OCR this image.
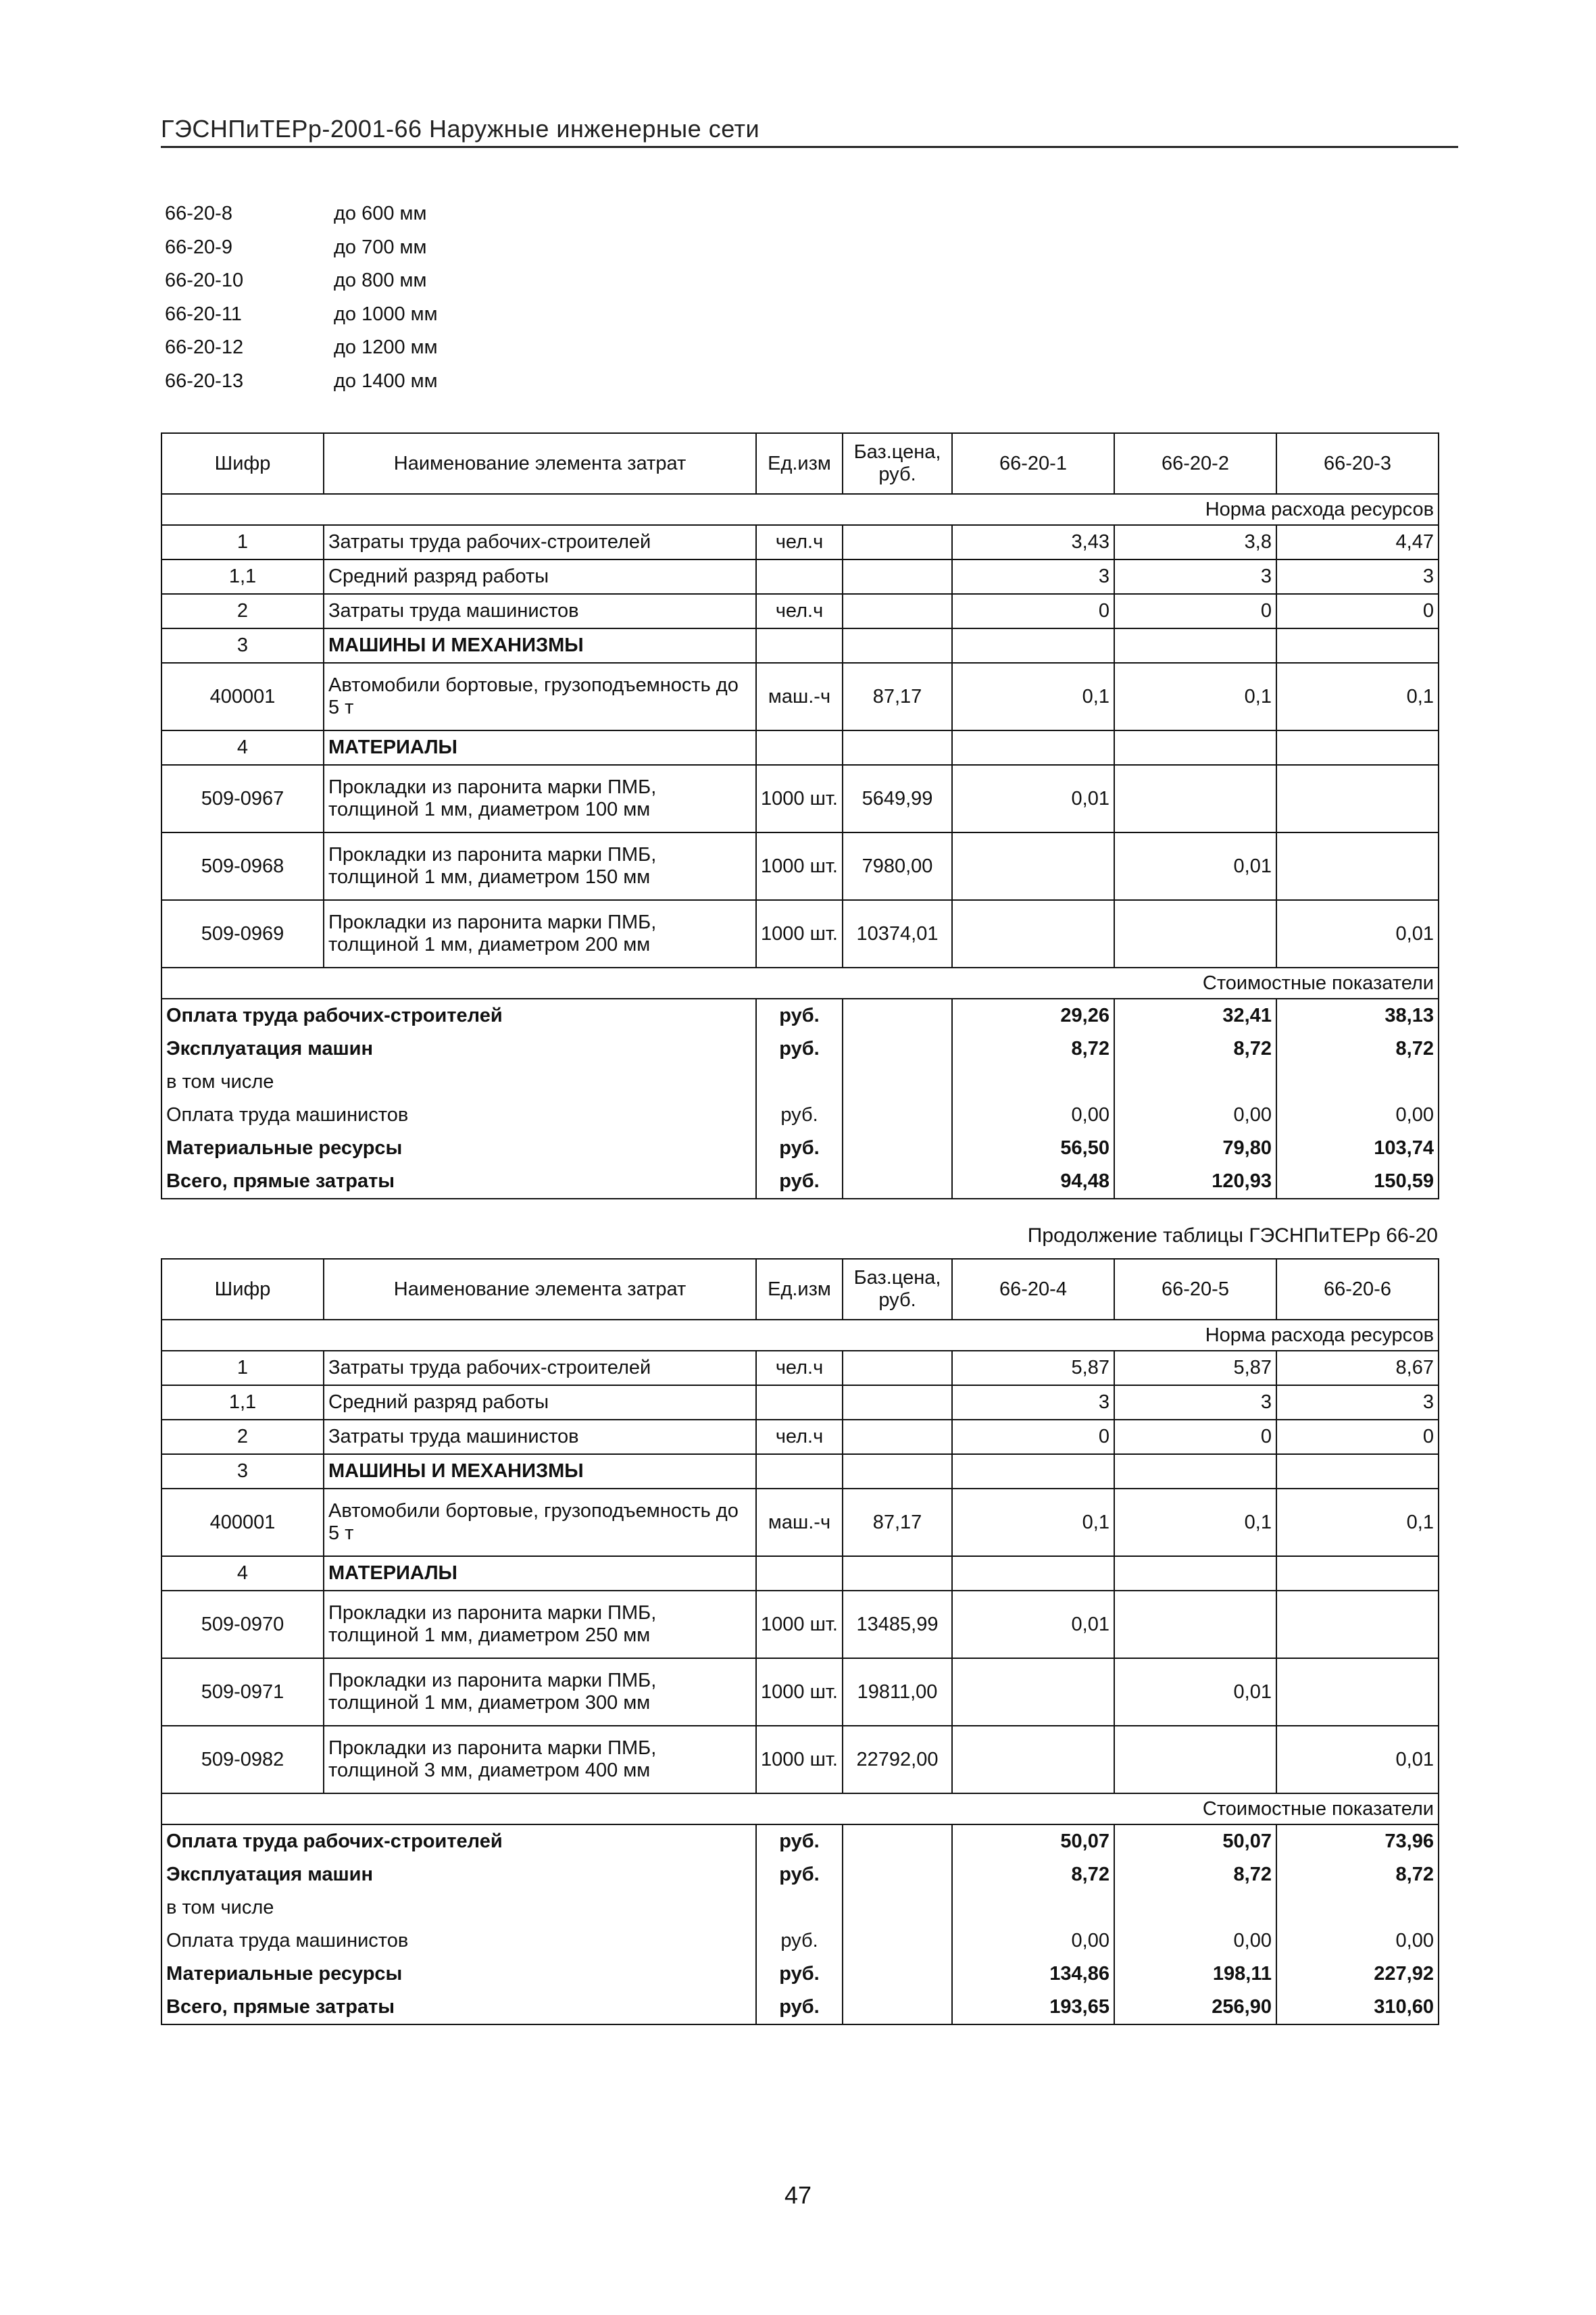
ГЭСНПиТЕРр-2001-66 Наружные инженерные сети
66-20-8	до 600 мм
66-20-9	до 700 мм
66-20-10	до 800 мм
66-20-11	до 1000 мм
66-20-12	до 1200 мм
66-20-13	до 1400 мм
Шифр	Наименование элемента затрат	Ед.изм	Баз.цена, руб.	66-20-1	66-20-2	66-20-3
Норма расхода ресурсов						
1	Затраты труда рабочих-строителей	чел.ч		3,43	3,8	4,47
1,1	Средний разряд работы			3	3	3
2	Затраты труда машинистов	чел.ч		0	0	0
3	МАШИНЫ И МЕХАНИЗМЫ					
400001	Автомобили бортовые, грузоподъемность до 5 т	маш.-ч	87,17	0,1	0,1	0,1
4	МАТЕРИАЛЫ					
509-0967	Прокладки из паронита марки ПМБ, толщиной 1 мм, диаметром 100 мм	1000 шт.	5649,99	0,01		
509-0968	Прокладки из паронита марки ПМБ, толщиной 1 мм, диаметром 150 мм	1000 шт.	7980,00		0,01	
509-0969	Прокладки из паронита марки ПМБ, толщиной 1 мм, диаметром 200 мм	1000 шт.	10374,01			0,01
Стоимостные показатели						
Оплата труда рабочих-строителей		руб.		29,26	32,41	38,13
Эксплуатация машин		руб.		8,72	8,72	8,72
в том числе						
Оплата труда машинистов		руб.		0,00	0,00	0,00
Материальные ресурсы		руб.		56,50	79,80	103,74
Всего, прямые затраты		руб.		94,48	120,93	150,59
Продолжение таблицы ГЭСНПиТЕРр 66-20
Шифр	Наименование элемента затрат	Ед.изм	Баз.цена, руб.	66-20-4	66-20-5	66-20-6
Норма расхода ресурсов						
1	Затраты труда рабочих-строителей	чел.ч		5,87	5,87	8,67
1,1	Средний разряд работы			3	3	3
2	Затраты труда машинистов	чел.ч		0	0	0
3	МАШИНЫ И МЕХАНИЗМЫ					
400001	Автомобили бортовые, грузоподъемность до 5 т	маш.-ч	87,17	0,1	0,1	0,1
4	МАТЕРИАЛЫ					
509-0970	Прокладки из паронита марки ПМБ, толщиной 1 мм, диаметром 250 мм	1000 шт.	13485,99	0,01		
509-0971	Прокладки из паронита марки ПМБ, толщиной 1 мм, диаметром 300 мм	1000 шт.	19811,00		0,01	
509-0982	Прокладки из паронита марки ПМБ, толщиной 3 мм, диаметром 400 мм	1000 шт.	22792,00			0,01
Стоимостные показатели						
Оплата труда рабочих-строителей		руб.		50,07	50,07	73,96
Эксплуатация машин		руб.		8,72	8,72	8,72
в том числе						
Оплата труда машинистов		руб.		0,00	0,00	0,00
Материальные ресурсы		руб.		134,86	198,11	227,92
Всего, прямые затраты		руб.		193,65	256,90	310,60
47
